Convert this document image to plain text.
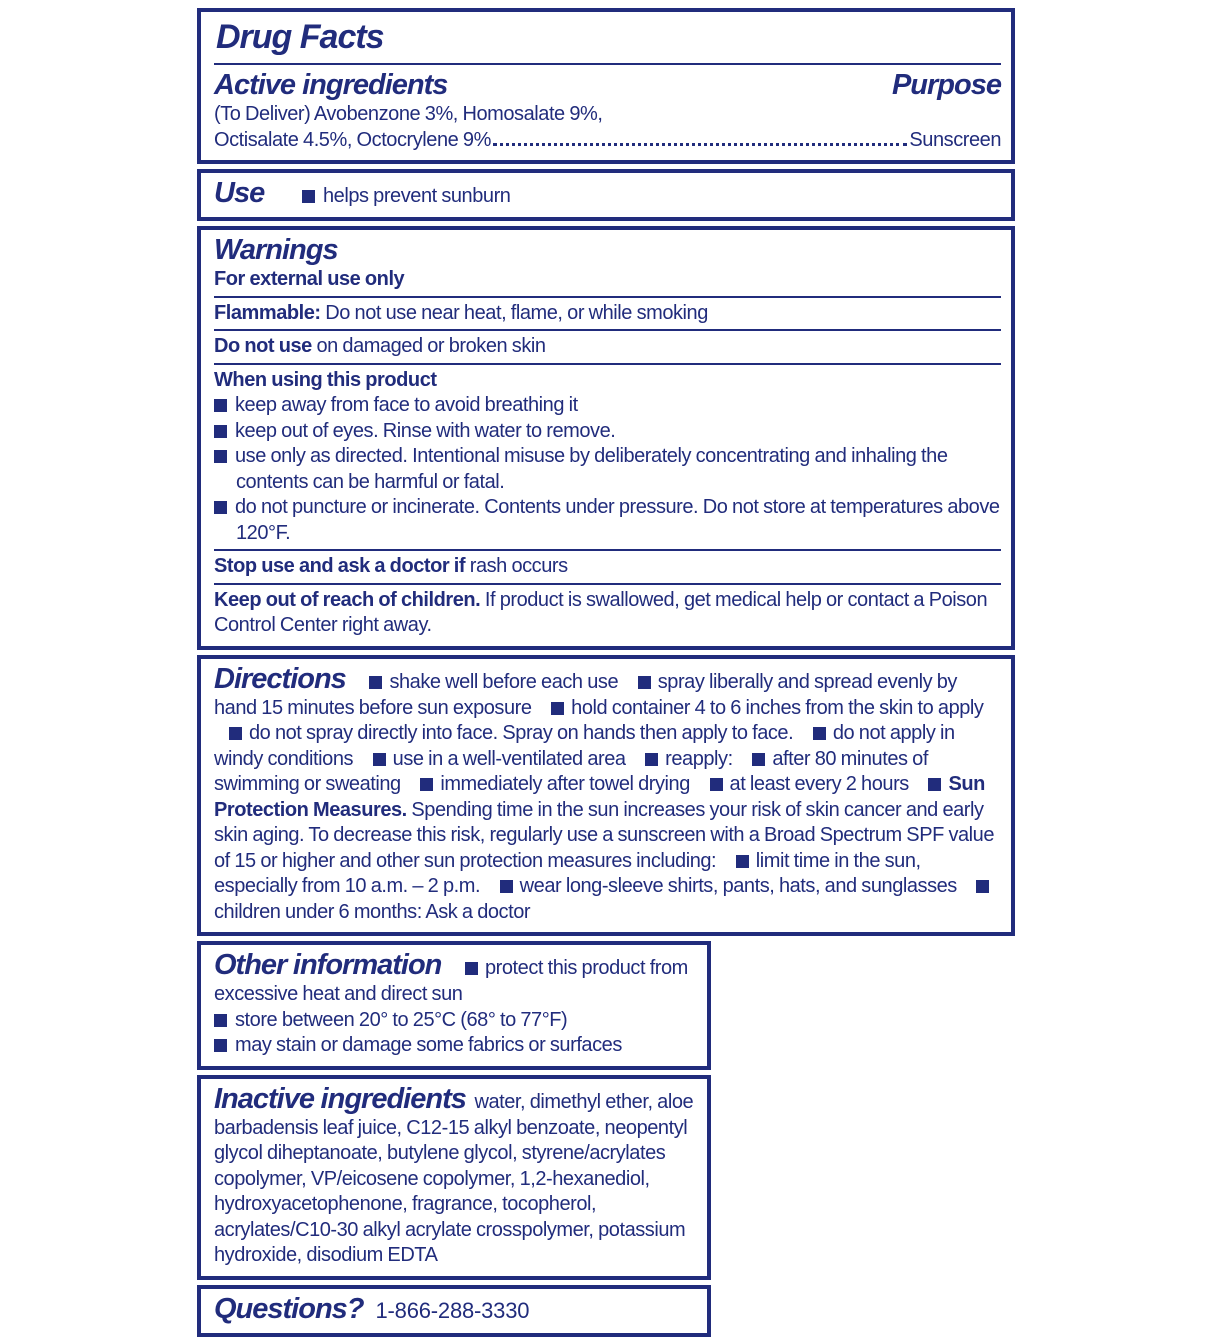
Drug Facts
Active ingredients	Purpose

(To Deliver) Avobenzone 3%, Homosalate 9%,

Octisalate 4.5%, Octocrylene 9%	Sunscreen
Use	helps prevent sunburn
Warnings

For external use only

Flammable: Do not use near heat, flame, or while smoking

Do not use on damaged or broken skin

When using this product

keep away from face to avoid breathing it

keep out of eyes. Rinse with water to remove.

use only as directed. Intentional misuse by deliberately concentrating and inhaling the contents can be harmful or fatal.

do not puncture or incinerate. Contents under pressure. Do not store at temperatures above 120°F.

Stop use and ask a doctor if rash occurs

Keep out of reach of children. If product is swallowed, get medical help or contact a Poison Control Center right away.

Directions shake well before each use spray liberally and spread evenly by hand 15 minutes before sun exposure hold container 4 to 6 inches from the skin to apply do not spray directly into face. Spray on hands then apply to face. do not apply in windy conditions use in a well-ventilated area reapply: after 80 minutes of swimming or sweating immediately after towel drying at least every 2 hours Sun Protection Measures. Spending time in the sun increases your risk of skin cancer and early skin aging. To decrease this risk, regularly use a sunscreen with a Broad Spectrum SPF value of 15 or higher and other sun protection measures including: limit time in the sun, especially from 10 a.m. – 2 p.m. wear long-sleeve shirts, pants, hats, and sunglasses children under 6 months: Ask a doctor

Other information protect this product from excessive heat and direct sun

store between 20° to 25°C (68° to 77°F)

may stain or damage some fabrics or surfaces

Inactive ingredients water, dimethyl ether, aloe barbadensis leaf juice, C12-15 alkyl benzoate, neopentyl glycol diheptanoate, butylene glycol, styrene/acrylates copolymer, VP/eicosene copolymer, 1,2-hexanediol, hydroxyacetophenone, fragrance, tocopherol, acrylates/C10-30 alkyl acrylate crosspolymer, potassium hydroxide, disodium EDTA

Questions? 1-866-288-3330
